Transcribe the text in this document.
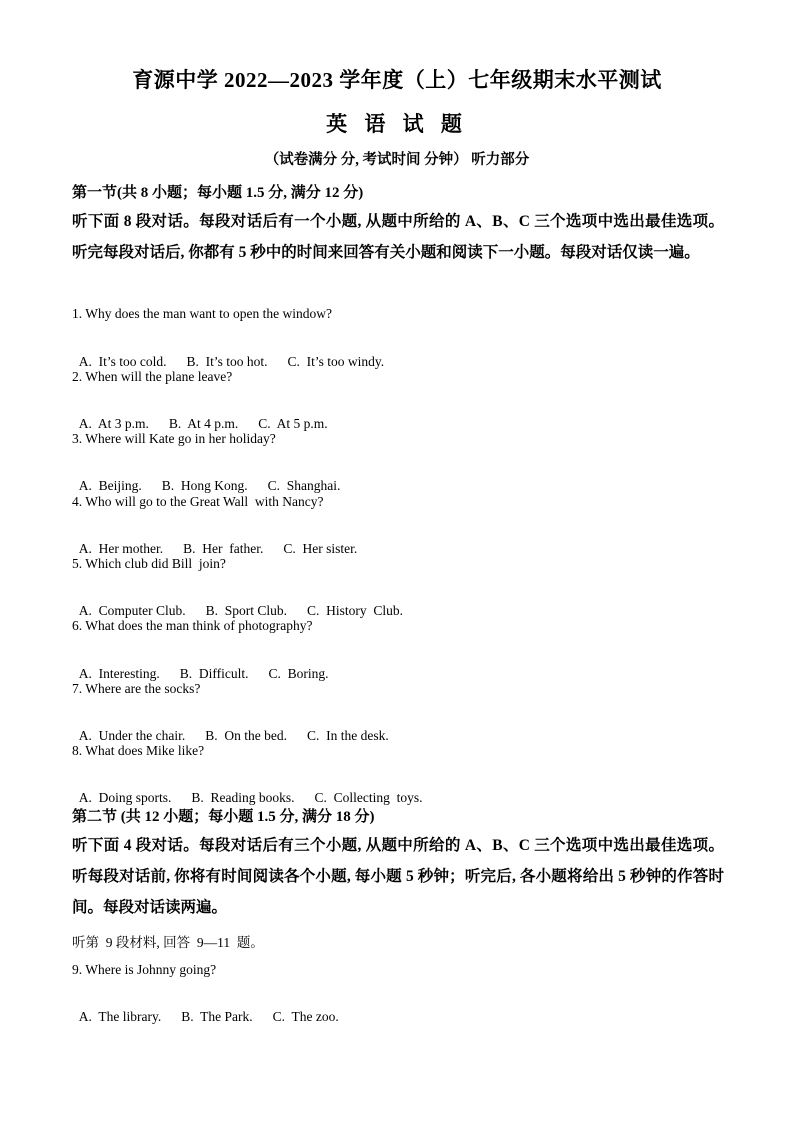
育源中学 2022—2023 学年度（上）七年级期末水平测试
英 语 试 题
（试卷满分 分, 考试时间 分钟） 听力部分
第一节(共 8 小题；每小题 1.5 分, 满分 12 分)
听下面 8 段对话。每段对话后有一个小题, 从题中所给的 A、B、C 三个选项中选出最佳选项。听完每段对话后, 你都有 5 秒中的时间来回答有关小题和阅读下一小题。每段对话仅读一遍。
1. Why does the man want to open the window?

A.  It’s too cold. B.  It’s too hot. C.  It’s too windy.

2. When will the plane leave?

A.  At 3 p.m. B.  At 4 p.m. C.  At 5 p.m.

3. Where will Kate go in her holiday?

A.  Beijing. B.  Hong Kong. C.  Shanghai.

4. Who will go to the Great Wall  with Nancy?

A.  Her mother. B.  Her  father. C.  Her sister.

5. Which club did Bill  join?

A.  Computer Club. B.  Sport Club. C.  History  Club.

6. What does the man think of photography?

A.  Interesting. B.  Difficult. C.  Boring.

7. Where are the socks?

A.  Under the chair. B.  On the bed. C.  In the desk.

8. What does Mike like?

A.  Doing sports. B.  Reading books. C.  Collecting  toys.

第二节 (共 12 小题；每小题 1.5 分, 满分 18 分)
听下面 4 段对话。每段对话后有三个小题, 从题中所给的 A、B、C 三个选项中选出最佳选项。听每段对话前, 你将有时间阅读各个小题, 每小题 5 秒钟；听完后, 各小题将给出 5 秒钟的作答时间。每段对话读两遍。
听第  9 段材料, 回答  9—11  题。
9. Where is Johnny going?

A.  The library. B.  The Park. C.  The zoo.
